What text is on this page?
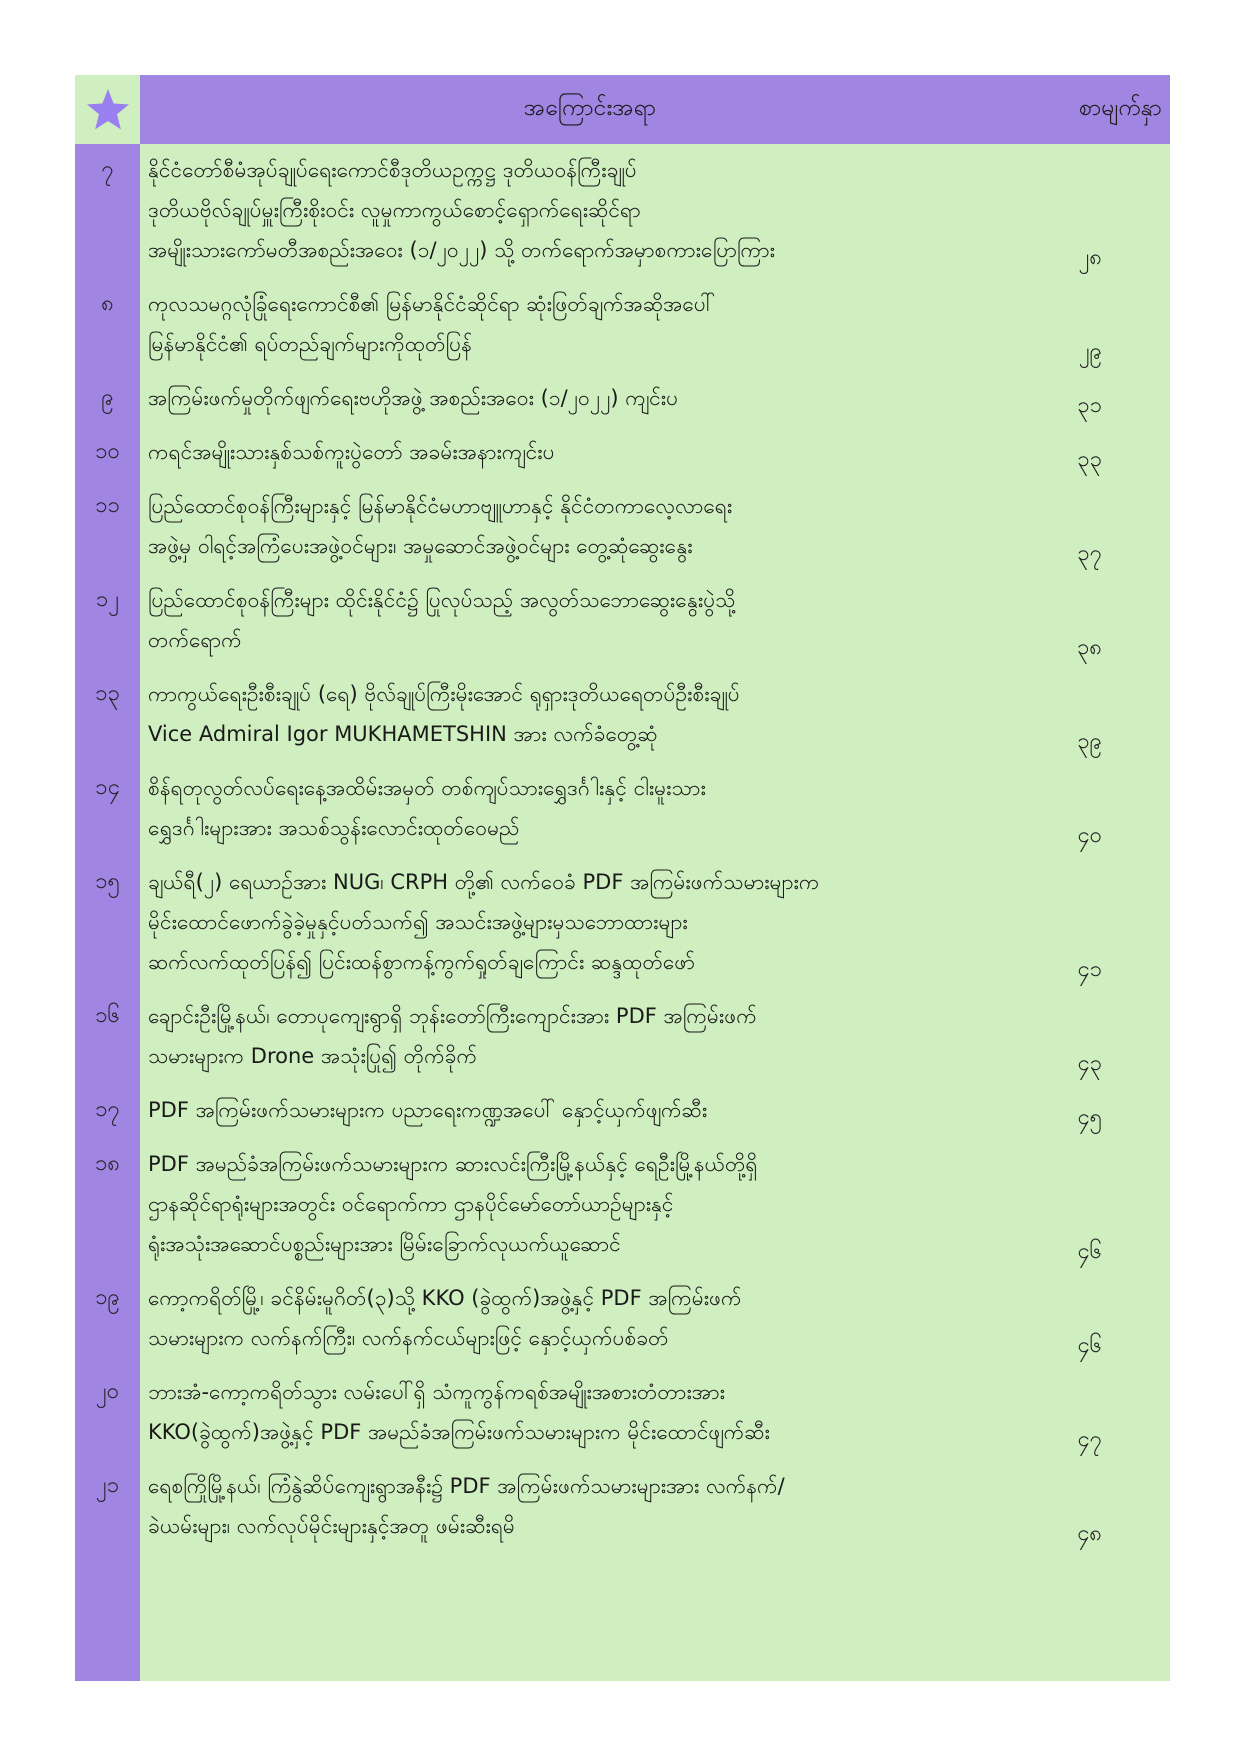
အကြောင်းအရာ	စာမျက်နှာ
၇	နိုင်ငံတော်စီမံအုပ်ချုပ်ရေးကောင်စီဒုတိယဥက္ကဋ္ဌ ဒုတိယဝန်ကြီးချုပ်
ဒုတိယဗိုလ်ချုပ်မှူးကြီးစိုးဝင်း လူမှုကာကွယ်စောင့်ရှောက်ရေးဆိုင်ရာ
အမျိုးသားကော်မတီအစည်းအဝေး (၁/၂၀၂၂) သို့ တက်ရောက်အမှာစကားပြောကြား	၂၈
၈	ကုလသမဂ္ဂလုံခြုံရေးကောင်စီ၏ မြန်မာနိုင်ငံဆိုင်ရာ ဆုံးဖြတ်ချက်အဆိုအပေါ်
မြန်မာနိုင်ငံ၏ ရပ်တည်ချက်များကိုထုတ်ပြန်	၂၉
၉	အကြမ်းဖက်မှုတိုက်ဖျက်ရေးဗဟိုအဖွဲ့ အစည်းအဝေး (၁/၂၀၂၂) ကျင်းပ	၃၁
၁၀	ကရင်အမျိုးသားနှစ်သစ်ကူးပွဲတော် အခမ်းအနားကျင်းပ	၃၃
၁၁	ပြည်ထောင်စုဝန်ကြီးများနှင့် မြန်မာနိုင်ငံမဟာဗျူဟာနှင့် နိုင်ငံတကာလေ့လာရေး
အဖွဲ့မှ ဝါရင့်အကြံပေးအဖွဲ့ဝင်များ၊ အမှုဆောင်အဖွဲ့ဝင်များ တွေ့ဆုံဆွေးနွေး	၃၇
၁၂	ပြည်ထောင်စုဝန်ကြီးများ ထိုင်းနိုင်ငံ၌ ပြုလုပ်သည့် အလွတ်သဘောဆွေးနွေးပွဲသို့
တက်ရောက်	၃၈
၁၃	ကာကွယ်ရေးဦးစီးချုပ် (ရေ) ဗိုလ်ချုပ်ကြီးမိုးအောင် ရုရှားဒုတိယရေတပ်ဦးစီးချုပ်
Vice Admiral Igor MUKHAMETSHIN အား လက်ခံတွေ့ဆုံ	၃၉
၁၄	စိန်ရတုလွတ်လပ်ရေးနေ့အထိမ်းအမှတ် တစ်ကျပ်သားရွှေဒင်္ဂါးနှင့် ငါးမူးသား
ရွှေဒင်္ဂါးများအား အသစ်သွန်းလောင်းထုတ်ဝေမည်	၄၀
၁၅	ချယ်ရီ(၂) ရေယာဉ်အား NUG၊ CRPH တို့၏ လက်ဝေခံ PDF အကြမ်းဖက်သမားများက
မိုင်းထောင်ဖောက်ခွဲခဲ့မှုနှင့်ပတ်သက်၍ အသင်းအဖွဲ့များမှသဘောထားများ
ဆက်လက်ထုတ်ပြန်၍ ပြင်းထန်စွာကန့်ကွက်ရှုတ်ချကြောင်း ဆန္ဒထုတ်ဖော်	၄၁
၁၆	ချောင်းဦးမြို့နယ်၊ တောပုကျေးရွာရှိ ဘုန်းတော်ကြီးကျောင်းအား PDF အကြမ်းဖက်
သမားများက Drone အသုံးပြု၍ တိုက်ခိုက်	၄၃
၁၇	PDF အကြမ်းဖက်သမားများက ပညာရေးကဏ္ဍအပေါ် နှောင့်ယှက်ဖျက်ဆီး	၄၅
၁၈	PDF အမည်ခံအကြမ်းဖက်သမားများက ဆားလင်းကြီးမြို့နယ်နှင့် ရေဦးမြို့နယ်တို့ရှိ
ဌာနဆိုင်ရာရုံးများအတွင်း ဝင်ရောက်ကာ ဌာနပိုင်မော်တော်ယာဉ်များနှင့်
ရုံးအသုံးအဆောင်ပစ္စည်းများအား မြိမ်းခြောက်လုယက်ယူဆောင်	၄၆
၁၉	ကော့ကရိတ်မြို့၊ ခင်နိမ်းမူဂိတ်(၃)သို့ KKO (ခွဲထွက်)အဖွဲ့နှင့် PDF အကြမ်းဖက်
သမားများက လက်နက်ကြီး၊ လက်နက်ငယ်များဖြင့် နှောင့်ယှက်ပစ်ခတ်	၄၆
၂၀	ဘားအံ-ကော့ကရိတ်သွား လမ်းပေါ်ရှိ သံကူကွန်ကရစ်အမျိုးအစားတံတားအား
KKO(ခွဲထွက်)အဖွဲ့နှင့် PDF အမည်ခံအကြမ်းဖက်သမားများက မိုင်းထောင်ဖျက်ဆီး	၄၇
၂၁	ရေစကြိုမြို့နယ်၊ ကြံနွဲဆိပ်ကျေးရွာအနီး၌ PDF အကြမ်းဖက်သမားများအား လက်နက်/
ခဲယမ်းများ၊ လက်လုပ်မိုင်းများနှင့်အတူ ဖမ်းဆီးရမိ	၄၈
